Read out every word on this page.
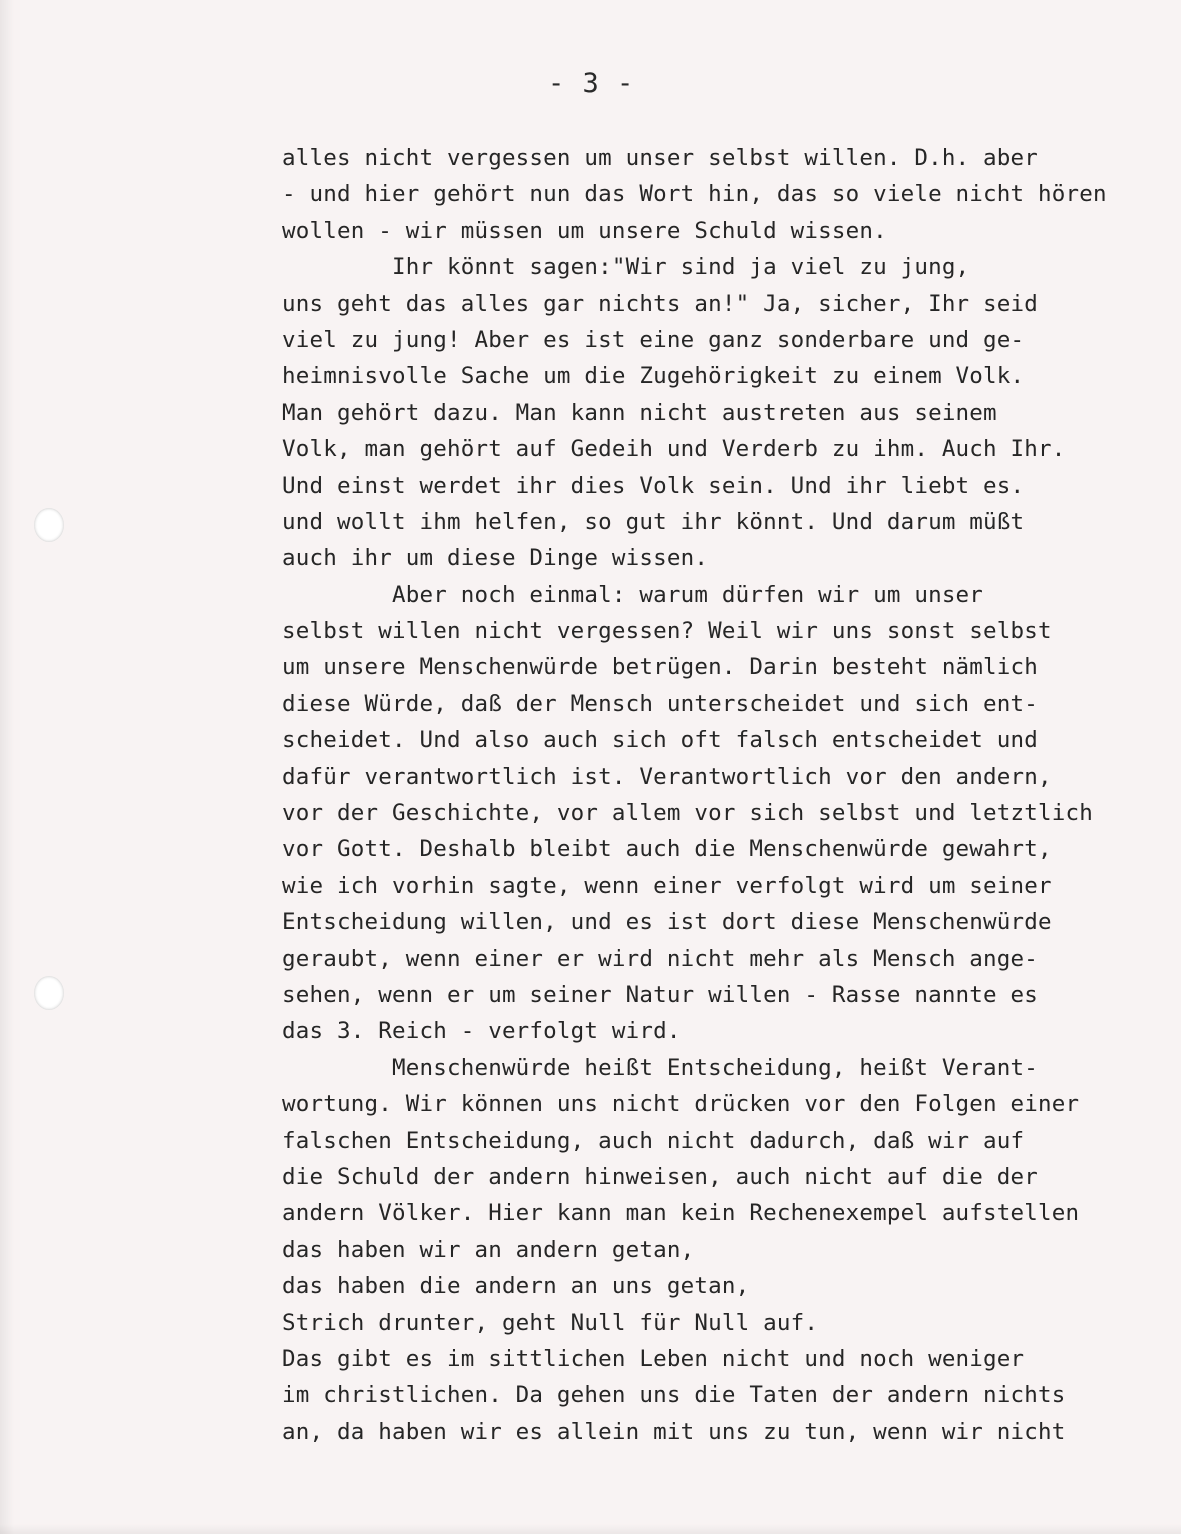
- 3 -
alles nicht vergessen um unser selbst willen. D.h. aber
- und hier gehört nun das Wort hin, das so viele nicht hören
wollen - wir müssen um unsere Schuld wissen.
Ihr könnt sagen:"Wir sind ja viel zu jung,
uns geht das alles gar nichts an!" Ja, sicher, Ihr seid
viel zu jung! Aber es ist eine ganz sonderbare und ge-
heimnisvolle Sache um die Zugehörigkeit zu einem Volk.
Man gehört dazu. Man kann nicht austreten aus seinem
Volk, man gehört auf Gedeih und Verderb zu ihm. Auch Ihr.
Und einst werdet ihr dies Volk sein. Und ihr liebt es.
und wollt ihm helfen, so gut ihr könnt. Und darum müßt
auch ihr um diese Dinge wissen.
Aber noch einmal: warum dürfen wir um unser
selbst willen nicht vergessen? Weil wir uns sonst selbst
um unsere Menschenwürde betrügen. Darin besteht nämlich
diese Würde, daß der Mensch unterscheidet und sich ent-
scheidet. Und also auch sich oft falsch entscheidet und
dafür verantwortlich ist. Verantwortlich vor den andern,
vor der Geschichte, vor allem vor sich selbst und letztlich
vor Gott. Deshalb bleibt auch die Menschenwürde gewahrt,
wie ich vorhin sagte, wenn einer verfolgt wird um seiner
Entscheidung willen, und es ist dort diese Menschenwürde
geraubt, wenn einer er wird nicht mehr als Mensch ange-
sehen, wenn er um seiner Natur willen - Rasse nannte es
das 3. Reich - verfolgt wird.
Menschenwürde heißt Entscheidung, heißt Verant-
wortung. Wir können uns nicht drücken vor den Folgen einer
falschen Entscheidung, auch nicht dadurch, daß wir auf
die Schuld der andern hinweisen, auch nicht auf die der
andern Völker. Hier kann man kein Rechenexempel aufstellen
das haben wir an andern getan,
das haben die andern an uns getan,
Strich drunter, geht Null für Null auf.
Das gibt es im sittlichen Leben nicht und noch weniger
im christlichen. Da gehen uns die Taten der andern nichts
an, da haben wir es allein mit uns zu tun, wenn wir nicht
